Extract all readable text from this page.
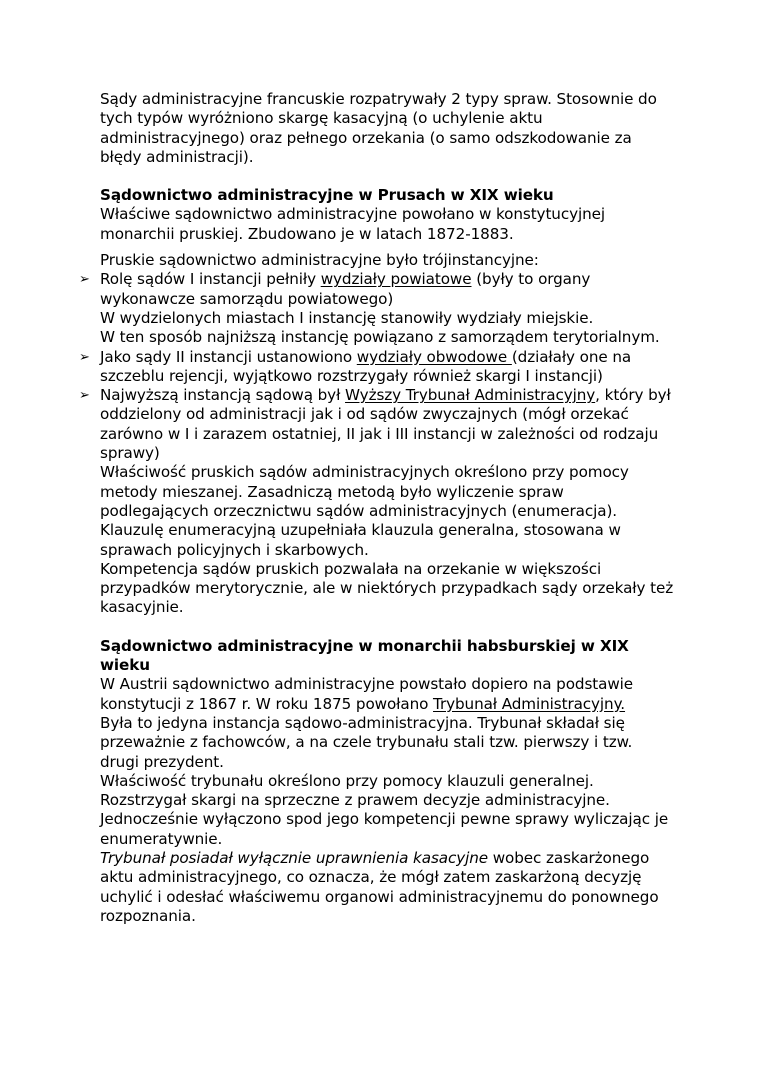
Sądy administracyjne francuskie rozpatrywały 2 typy spraw. Stosownie do tych typów wyróżniono skargę kasacyjną (o uchylenie aktu administracyjnego) oraz pełnego orzekania (o samo odszkodowanie za błędy administracji).

Sądownictwo administracyjne w Prusach w XIX wieku

Właściwe sądownictwo administracyjne powołano w konstytucyjnej monarchii pruskiej. Zbudowano je w latach 1872-1883.

Pruskie sądownictwo administracyjne było trójinstancyjne:

➢ Rolę sądów I instancji pełniły wydziały powiatowe (były to organy wykonawcze samorządu powiatowego)

W wydzielonych miastach I instancję stanowiły wydziały miejskie.

W ten sposób najniższą instancję powiązano z samorządem terytorialnym.

➢ Jako sądy II instancji ustanowiono wydziały obwodowe (działały one na szczeblu rejencji, wyjątkowo rozstrzygały również skargi I instancji)
➢ Najwyższą instancją sądową był Wyższy Trybunał Administracyjny, który był oddzielony od administracji jak i od sądów zwyczajnych (mógł orzekać zarówno w I i zarazem ostatniej, II jak i III instancji w zależności od rodzaju sprawy)

Właściwość pruskich sądów administracyjnych określono przy pomocy metody mieszanej. Zasadniczą metodą było wyliczenie spraw podlegających orzecznictwu sądów administracyjnych (enumeracja). Klauzulę enumeracyjną uzupełniała klauzula generalna, stosowana w sprawach policyjnych i skarbowych.

Kompetencja sądów pruskich pozwalała na orzekanie w większości przypadków merytorycznie, ale w niektórych przypadkach sądy orzekały też kasacyjnie.

Sądownictwo administracyjne w monarchii habsburskiej w XIX wieku

W Austrii sądownictwo administracyjne powstało dopiero na podstawie konstytucji z 1867 r. W roku 1875 powołano Trybunał Administracyjny.

Była to jedyna instancja sądowo-administracyjna. Trybunał składał się przeważnie z fachowców, a na czele trybunału stali tzw. pierwszy i tzw. drugi prezydent.

Właściwość trybunału określono przy pomocy klauzuli generalnej.

Rozstrzygał skargi na sprzeczne z prawem decyzje administracyjne.

Jednocześnie wyłączono spod jego kompetencji pewne sprawy wyliczając je enumeratywnie.

Trybunał posiadał wyłącznie uprawnienia kasacyjne wobec zaskarżonego aktu administracyjnego, co oznacza, że mógł zatem zaskarżoną decyzję uchylić i odesłać właściwemu organowi administracyjnemu do ponownego rozpoznania.
